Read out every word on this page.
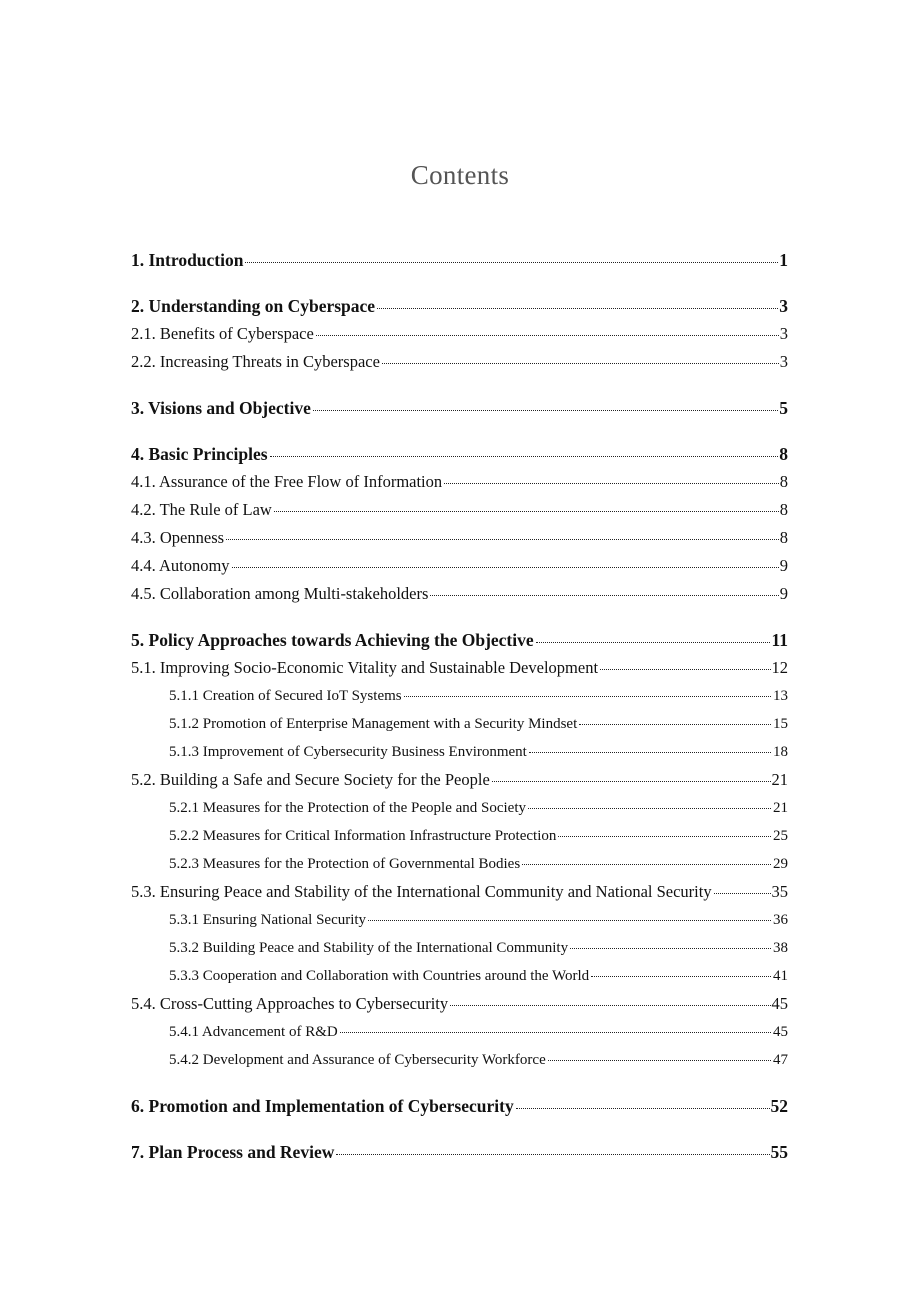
Contents
1. Introduction	1
2. Understanding on Cyberspace	3
2.1. Benefits of Cyberspace	3
2.2. Increasing Threats in Cyberspace	3
3. Visions and Objective	5
4. Basic Principles	8
4.1. Assurance of the Free Flow of Information	8
4.2. The Rule of Law	8
4.3. Openness	8
4.4. Autonomy	9
4.5. Collaboration among Multi-stakeholders	9
5. Policy Approaches towards Achieving the Objective	11
5.1. Improving Socio-Economic Vitality and Sustainable Development	12
5.1.1 Creation of Secured IoT Systems	13
5.1.2 Promotion of Enterprise Management with a Security Mindset	15
5.1.3 Improvement of Cybersecurity Business Environment	18
5.2. Building a Safe and Secure Society for the People	21
5.2.1 Measures for the Protection of the People and Society	21
5.2.2 Measures for Critical Information Infrastructure Protection	25
5.2.3 Measures for the Protection of Governmental Bodies	29
5.3. Ensuring Peace and Stability of the International Community and National Security	35
5.3.1 Ensuring National Security	36
5.3.2 Building Peace and Stability of the International Community	38
5.3.3 Cooperation and Collaboration with Countries around the World	41
5.4. Cross-Cutting Approaches to Cybersecurity	45
5.4.1 Advancement of R&D	45
5.4.2 Development and Assurance of Cybersecurity Workforce	47
6. Promotion and Implementation of Cybersecurity	52
7. Plan Process and Review	55
